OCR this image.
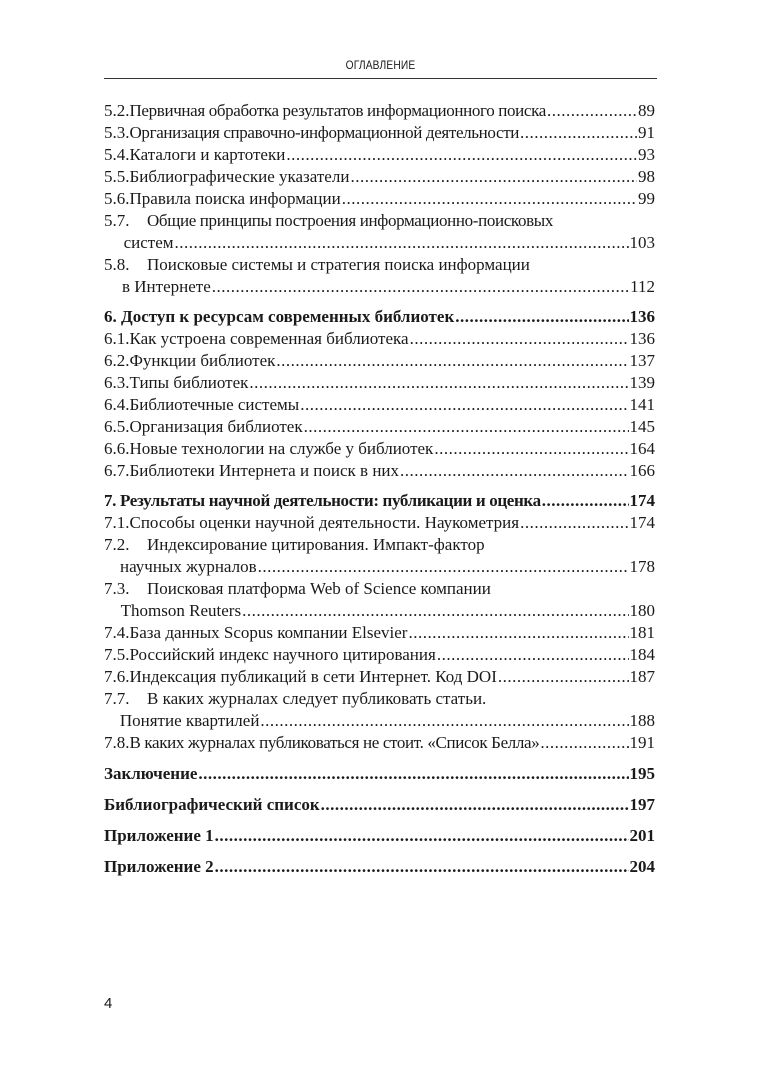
ОГЛАВЛЕНИЕ
5.2. Первичная обработка результатов информационного поиска .....	89
5.3. Организация справочно-информационной деятельности .....	91
5.4. Каталоги и картотеки .....	93
5.5. Библиографические указатели .....	98
5.6. Правила поиска информации .....	99
5.7.	Общие принципы построения информационно-поисковых
систем .....	103
5.8.	Поисковые системы и стратегия поиска информации
в Интернете .....	112
6. Доступ к ресурсам современных библиотек .....	136
6.1. Как устроена современная библиотека .....	136
6.2. Функции библиотек .....	137
6.3. Типы библиотек .....	139
6.4. Библиотечные системы .....	141
6.5. Организация библиотек .....	145
6.6. Новые технологии на службе у библиотек .....	164
6.7. Библиотеки Интернета и поиск в них .....	166
7. Результаты научной деятельности: публикации и оценка .....	174
7.1. Способы оценки научной деятельности. Наукометрия .....	174
7.2.	Индексирование цитирования. Импакт-фактор
научных журналов .....	178
7.3.	Поисковая платформа Web of Science компании
Thomson Reuters .....	180
7.4. База данных Scopus компании Elsevier .....	181
7.5. Российский индекс научного цитирования .....	184
7.6. Индексация публикаций в сети Интернет. Код DOI .....	187
7.7.	В каких журналах следует публиковать статьи.
Понятие квартилей .....	188
7.8. В каких журналах публиковаться не стоит. «Список Белла» .....	191
Заключение .....	195
Библиографический список .....	197
Приложение 1 .....	201
Приложение 2 .....	204
4
